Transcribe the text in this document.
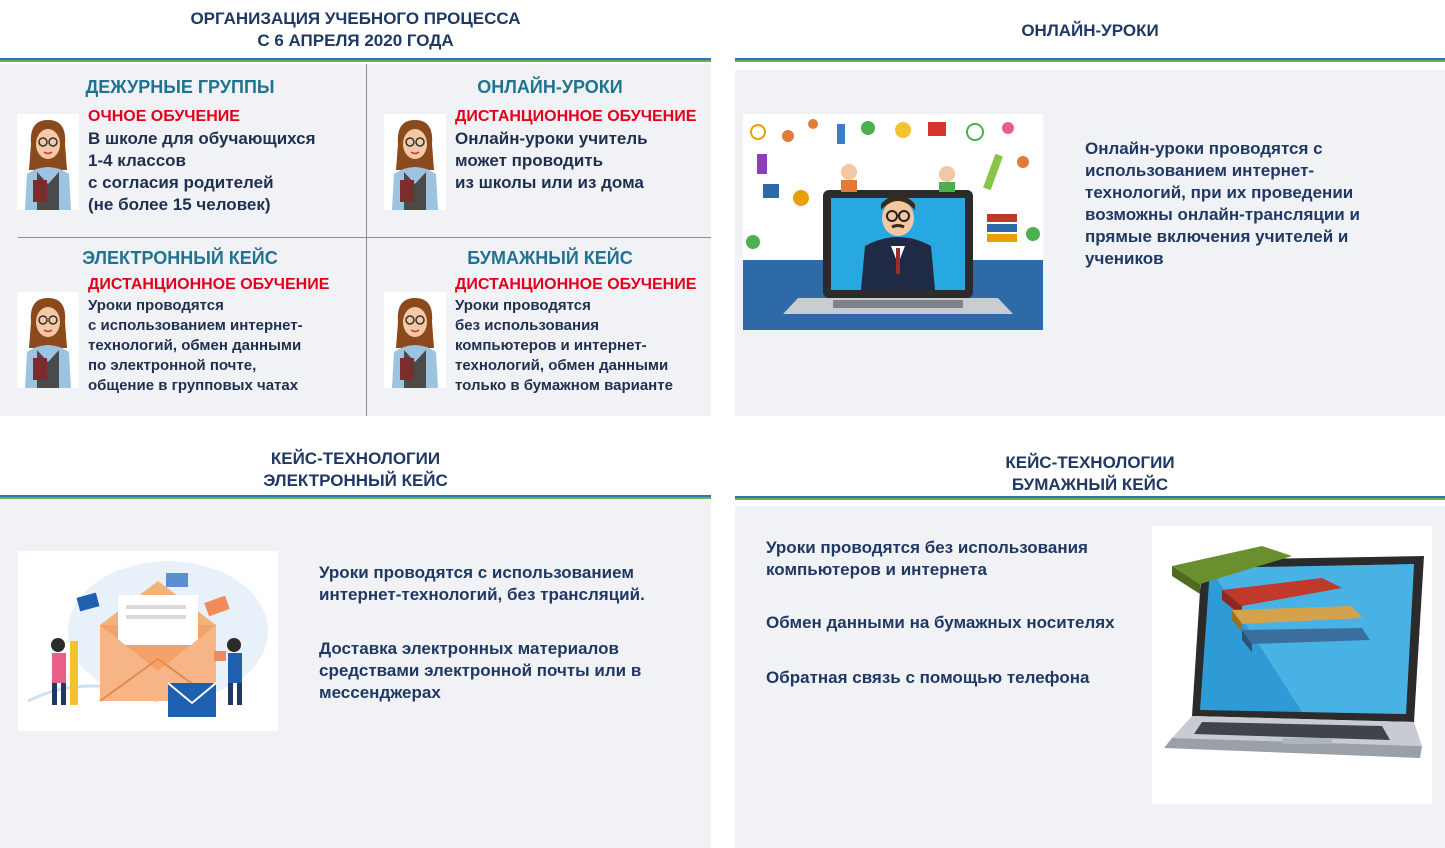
ОРГАНИЗАЦИЯ УЧЕБНОГО ПРОЦЕССА
С 6 АПРЕЛЯ 2020 ГОДА
ДЕЖУРНЫЕ ГРУППЫ
ОЧНОЕ ОБУЧЕНИЕ
В школе для обучающихся
1-4 классов
с согласия родителей
(не более 15 человек)
ОНЛАЙН-УРОКИ
ДИСТАНЦИОННОЕ ОБУЧЕНИЕ
Онлайн-уроки учитель
может проводить
из школы или из дома
ЭЛЕКТРОННЫЙ КЕЙС
ДИСТАНЦИОННОЕ ОБУЧЕНИЕ
Уроки проводятся
с использованием интернет-
технологий, обмен данными
по электронной почте,
общение в групповых чатах
БУМАЖНЫЙ КЕЙС
ДИСТАНЦИОННОЕ ОБУЧЕНИЕ
Уроки проводятся
без использования
компьютеров и интернет-
технологий, обмен данными
только в бумажном варианте
ОНЛАЙН-УРОКИ
Онлайн-уроки проводятся с
использованием интернет-
технологий, при их проведении
возможны онлайн-трансляции и
прямые включения учителей и
учеников
КЕЙС-ТЕХНОЛОГИИ
ЭЛЕКТРОННЫЙ КЕЙС
Уроки проводятся с использованием
интернет-технологий, без трансляций.
Доставка электронных материалов
средствами электронной почты или в
мессенджерах
КЕЙС-ТЕХНОЛОГИИ
БУМАЖНЫЙ КЕЙС
Уроки проводятся без использования
компьютеров и интернета
Обмен данными на бумажных носителях
Обратная связь с помощью телефона
